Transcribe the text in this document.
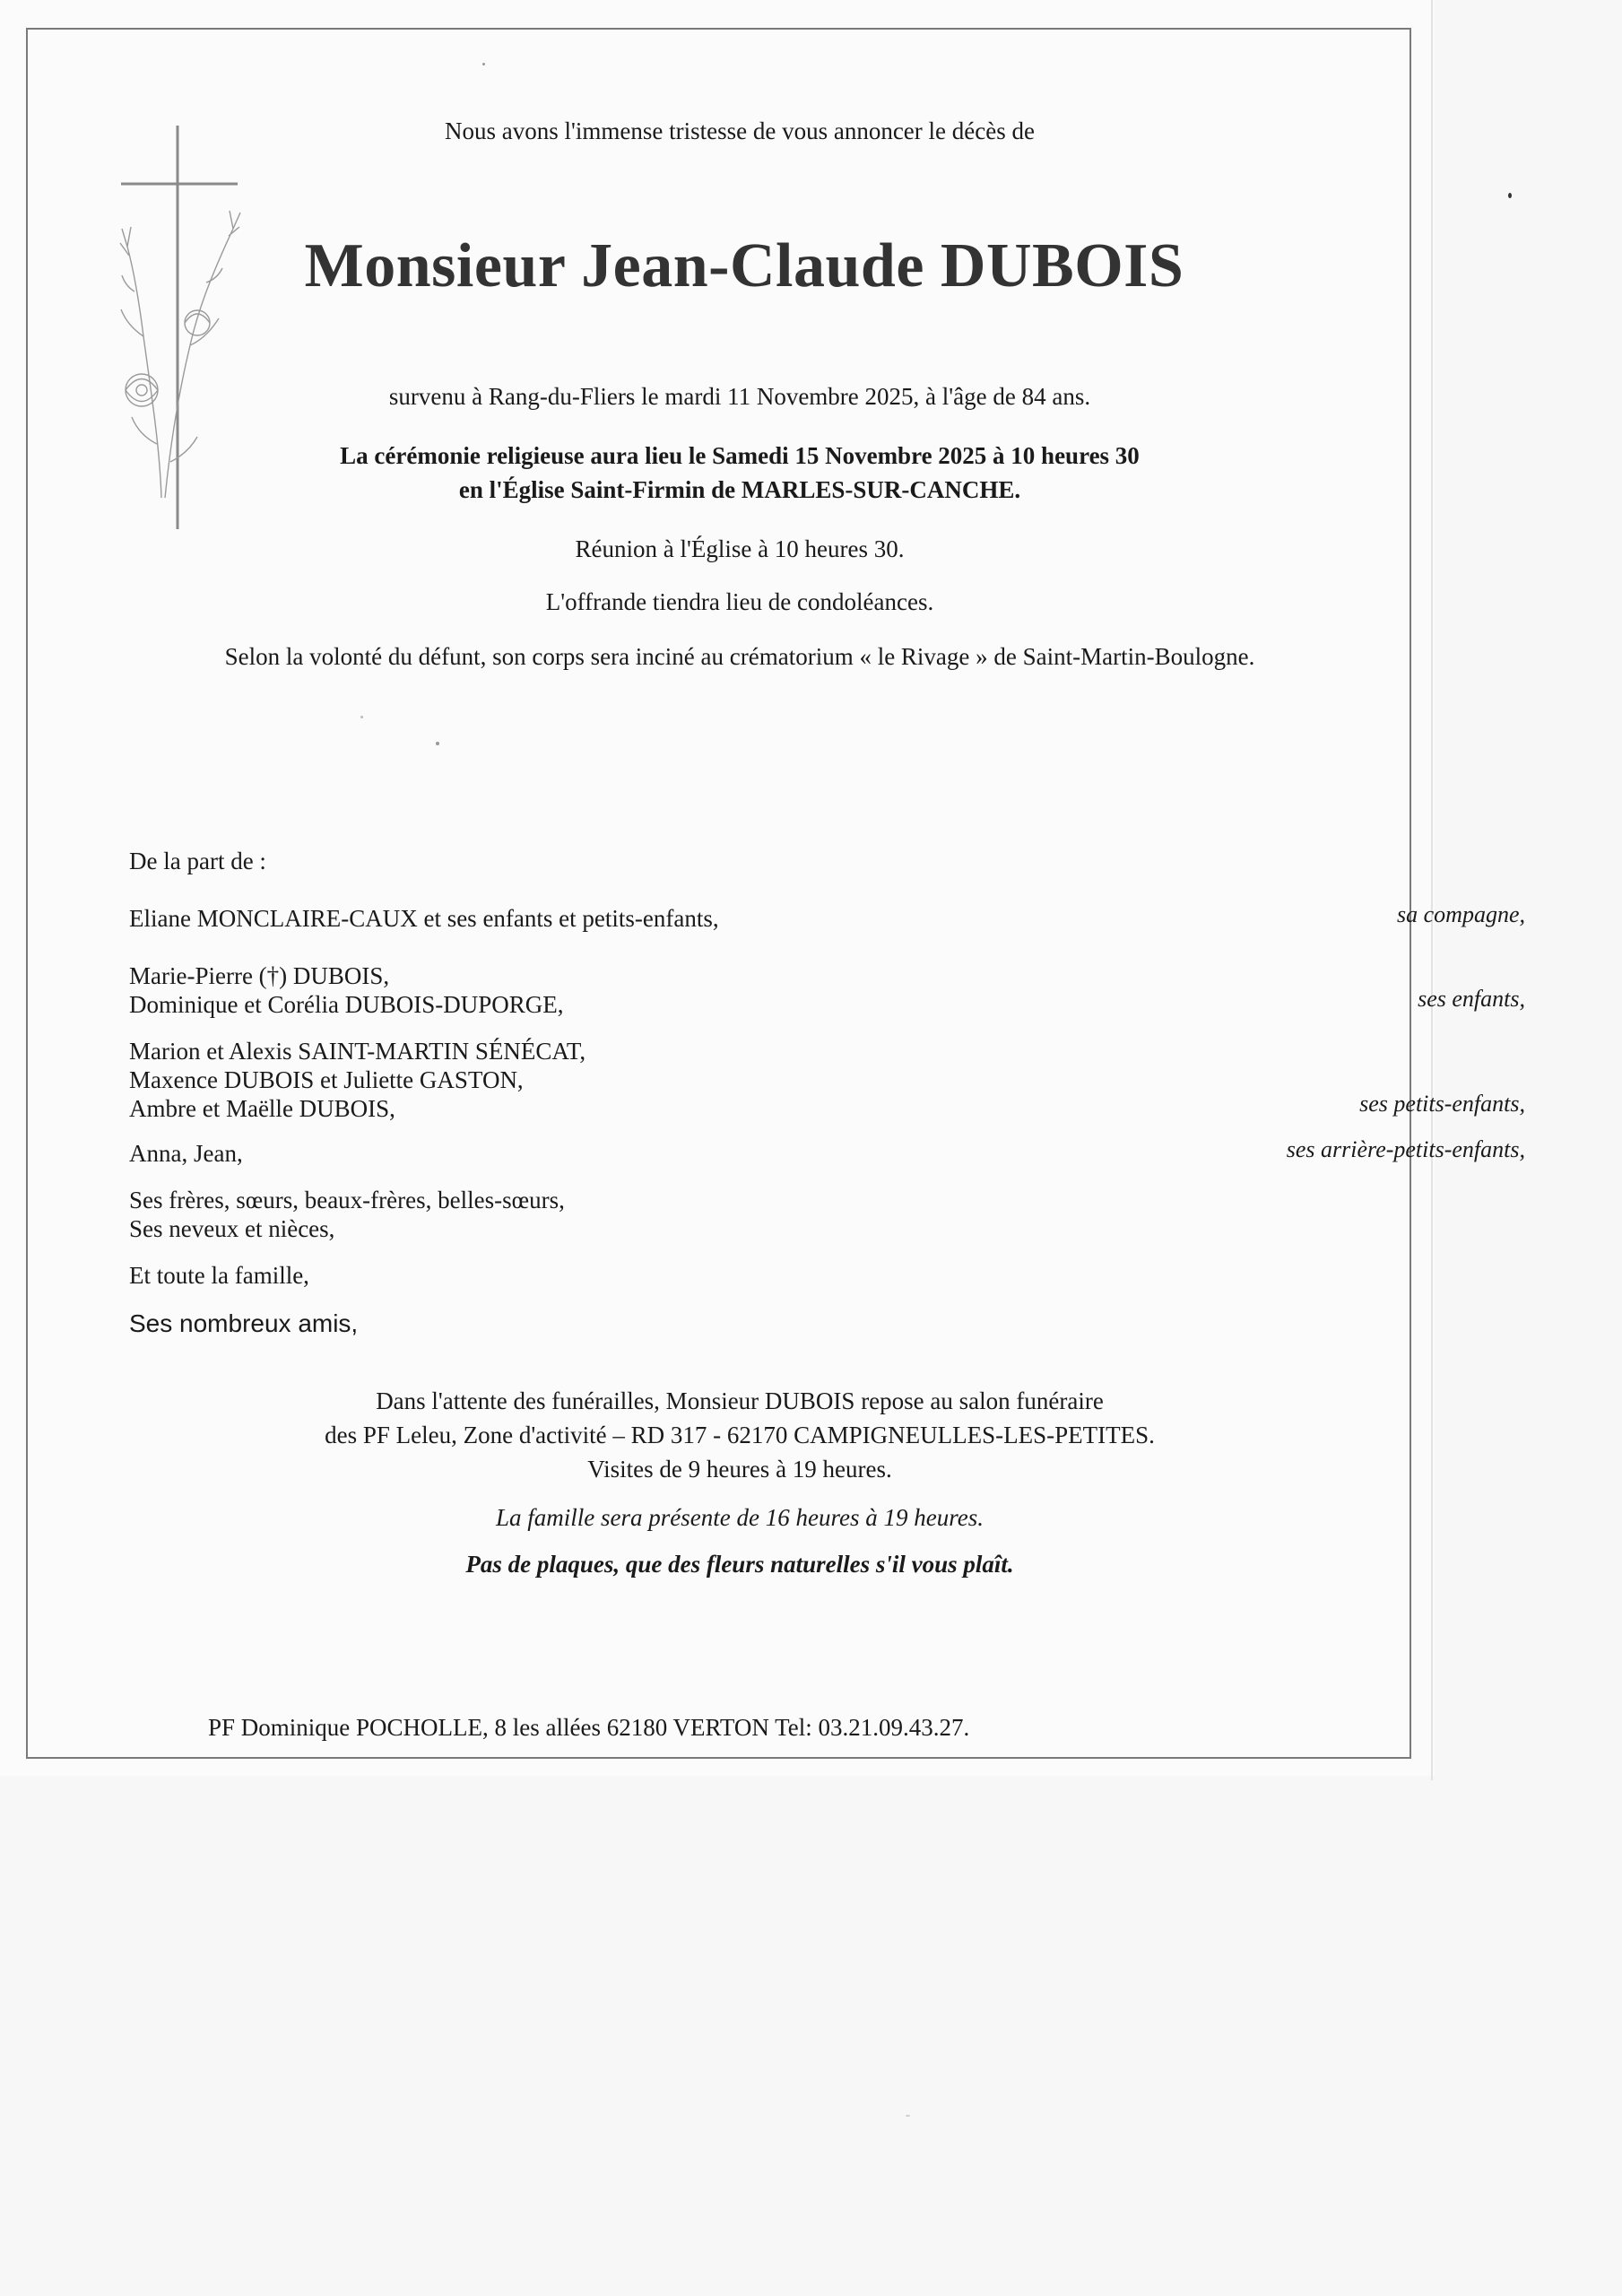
Nous avons l'immense tristesse de vous annoncer le décès de
Monsieur Jean-Claude DUBOIS
survenu à Rang-du-Fliers le mardi 11 Novembre 2025, à l'âge de 84 ans.
La cérémonie religieuse aura lieu le Samedi 15 Novembre 2025 à 10 heures 30
en l'Église Saint-Firmin de MARLES-SUR-CANCHE.
Réunion à l'Église à 10 heures 30.
L'offrande tiendra lieu de condoléances.
Selon la volonté du défunt, son corps sera inciné au crématorium « le Rivage » de Saint-Martin-Boulogne.
De la part de :
Eliane MONCLAIRE-CAUX et ses enfants et petits-enfants,	sa compagne,
Marie-Pierre (†) DUBOIS,
Dominique et Corélia DUBOIS-DUPORGE,	ses enfants,
Marion et Alexis SAINT-MARTIN SÉNÉCAT,
Maxence DUBOIS et Juliette GASTON,
Ambre et Maëlle DUBOIS,	ses petits-enfants,
Anna, Jean,	ses arrière-petits-enfants,
Ses frères, sœurs, beaux-frères, belles-sœurs,
Ses neveux et nièces,
Et toute la famille,
Ses nombreux amis,
Dans l'attente des funérailles, Monsieur DUBOIS repose au salon funéraire
des PF Leleu, Zone d'activité – RD 317 - 62170 CAMPIGNEULLES-LES-PETITES.
Visites de 9 heures à 19 heures.
La famille sera présente de 16 heures à 19 heures.
Pas de plaques, que des fleurs naturelles s'il vous plaît.
PF Dominique POCHOLLE, 8 les allées 62180 VERTON Tel: 03.21.09.43.27.
